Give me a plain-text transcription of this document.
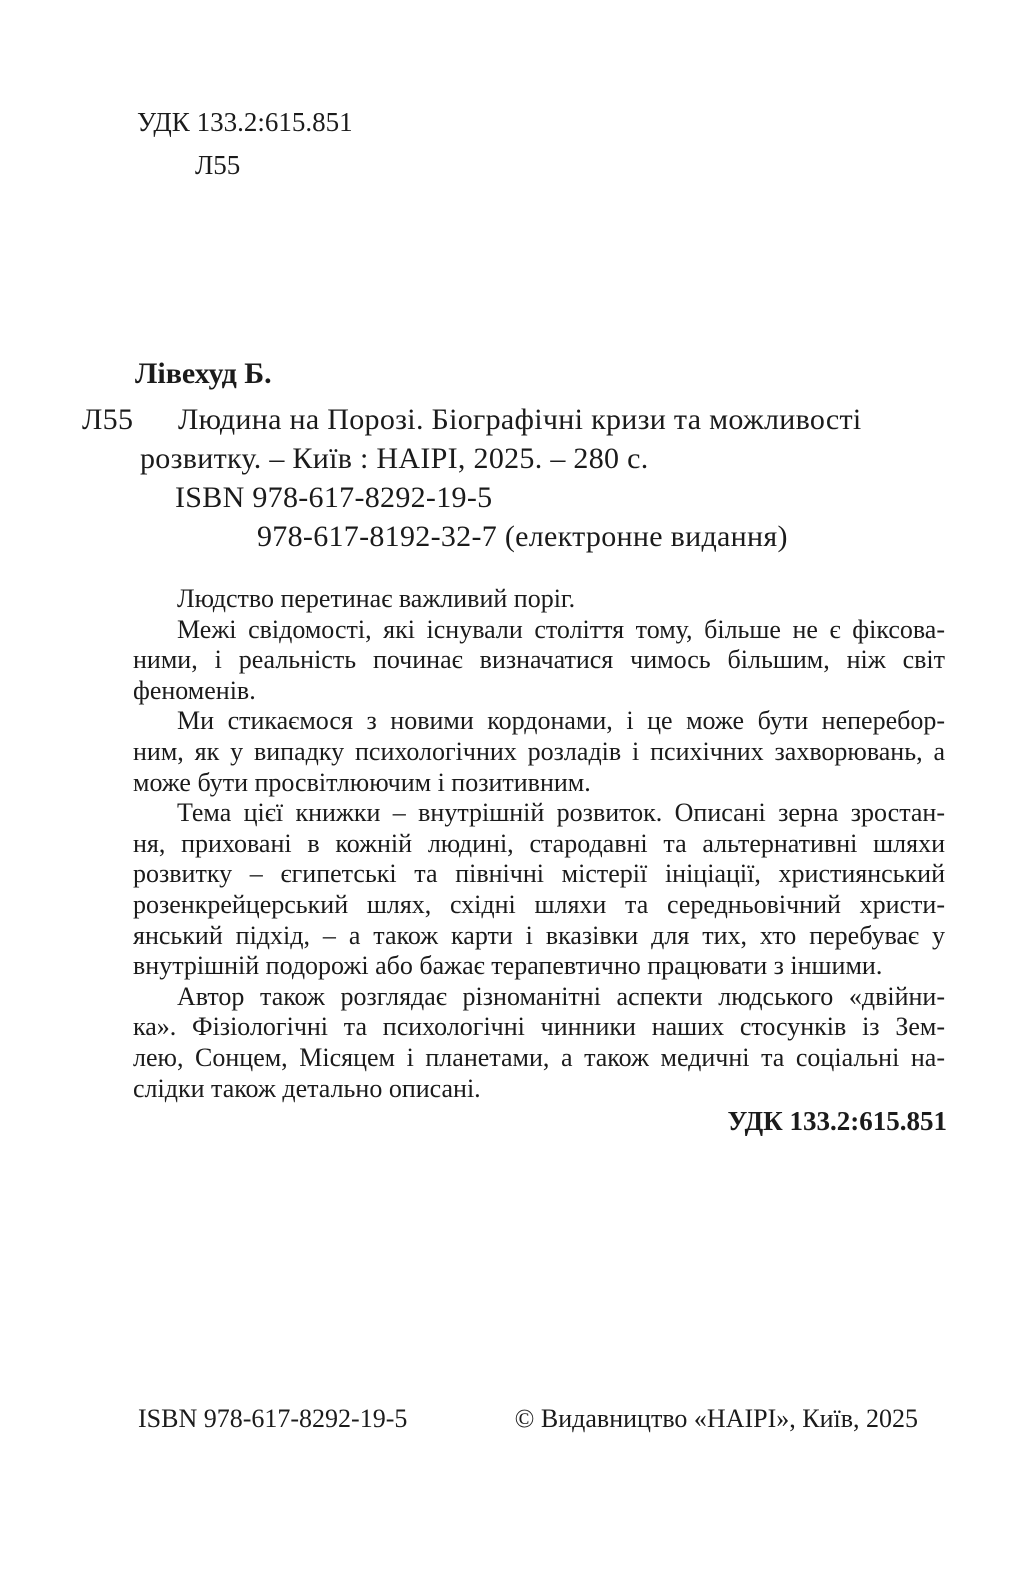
УДК 133.2:615.851
Л55
Лівехуд Б.
Л55 Людина на Порозі. Біографічні кризи та можливості
розвитку. – Київ : НАІРІ, 2025. – 280 с.
ISBN 978-617-8292-19-5
978-617-8192-32-7 (електронне видання)
Людство перетинає важливий поріг.
Межі свідомості, які існували століття тому, більше не є фіксова-
ними, і реальність починає визначатися чимось більшим, ніж світ
феноменів.
Ми стикаємося з новими кордонами, і це може бути неперебор-
ним, як у випадку психологічних розладів і психічних захворювань, а
може бути просвітлюючим і позитивним.
Тема цієї книжки – внутрішній розвиток. Описані зерна зростан-
ня, приховані в кожній людині, стародавні та альтернативні шляхи
розвитку – єгипетські та північні містерії ініціації, християнський
розенкрейцерський шлях, східні шляхи та середньовічний христи-
янський підхід, – а також карти і вказівки для тих, хто перебуває у
внутрішній подорожі або бажає терапевтично працювати з іншими.
Автор також розглядає різноманітні аспекти людського «двійни-
ка». Фізіологічні та психологічні чинники наших стосунків із Зем-
лею, Сонцем, Місяцем і планетами, а також медичні та соціальні на-
слідки також детально описані.
УДК 133.2:615.851
ISBN 978-617-8292-19-5	© Видавництво «НАІРІ», Київ, 2025
